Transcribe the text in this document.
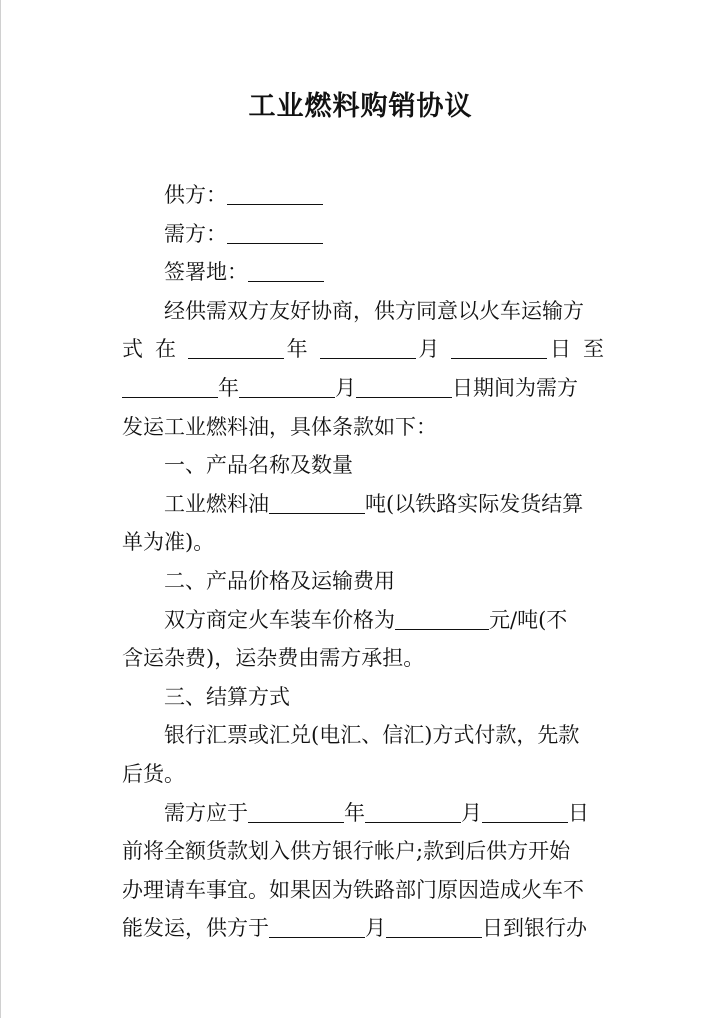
工业燃料购销协议

供方：

需方：

签署地：

经供需双方友好协商，供方同意以火车运输方

式 在	年	月	日 至

年	月	日期间为需方

发运工业燃料油，具体条款如下：

一、产品名称及数量

工业燃料油	吨(以铁路实际发货结算

单为准)。

二、产品价格及运输费用

双方商定火车装车价格为	元/吨(不

含运杂费)，运杂费由需方承担。

三、结算方式

银行汇票或汇兑(电汇、信汇)方式付款，先款

后货。

需方应于	年	月	日

前将全额货款划入供方银行帐户;款到后供方开始

办理请车事宜。如果因为铁路部门原因造成火车不

能发运，供方于	月	日到银行办
